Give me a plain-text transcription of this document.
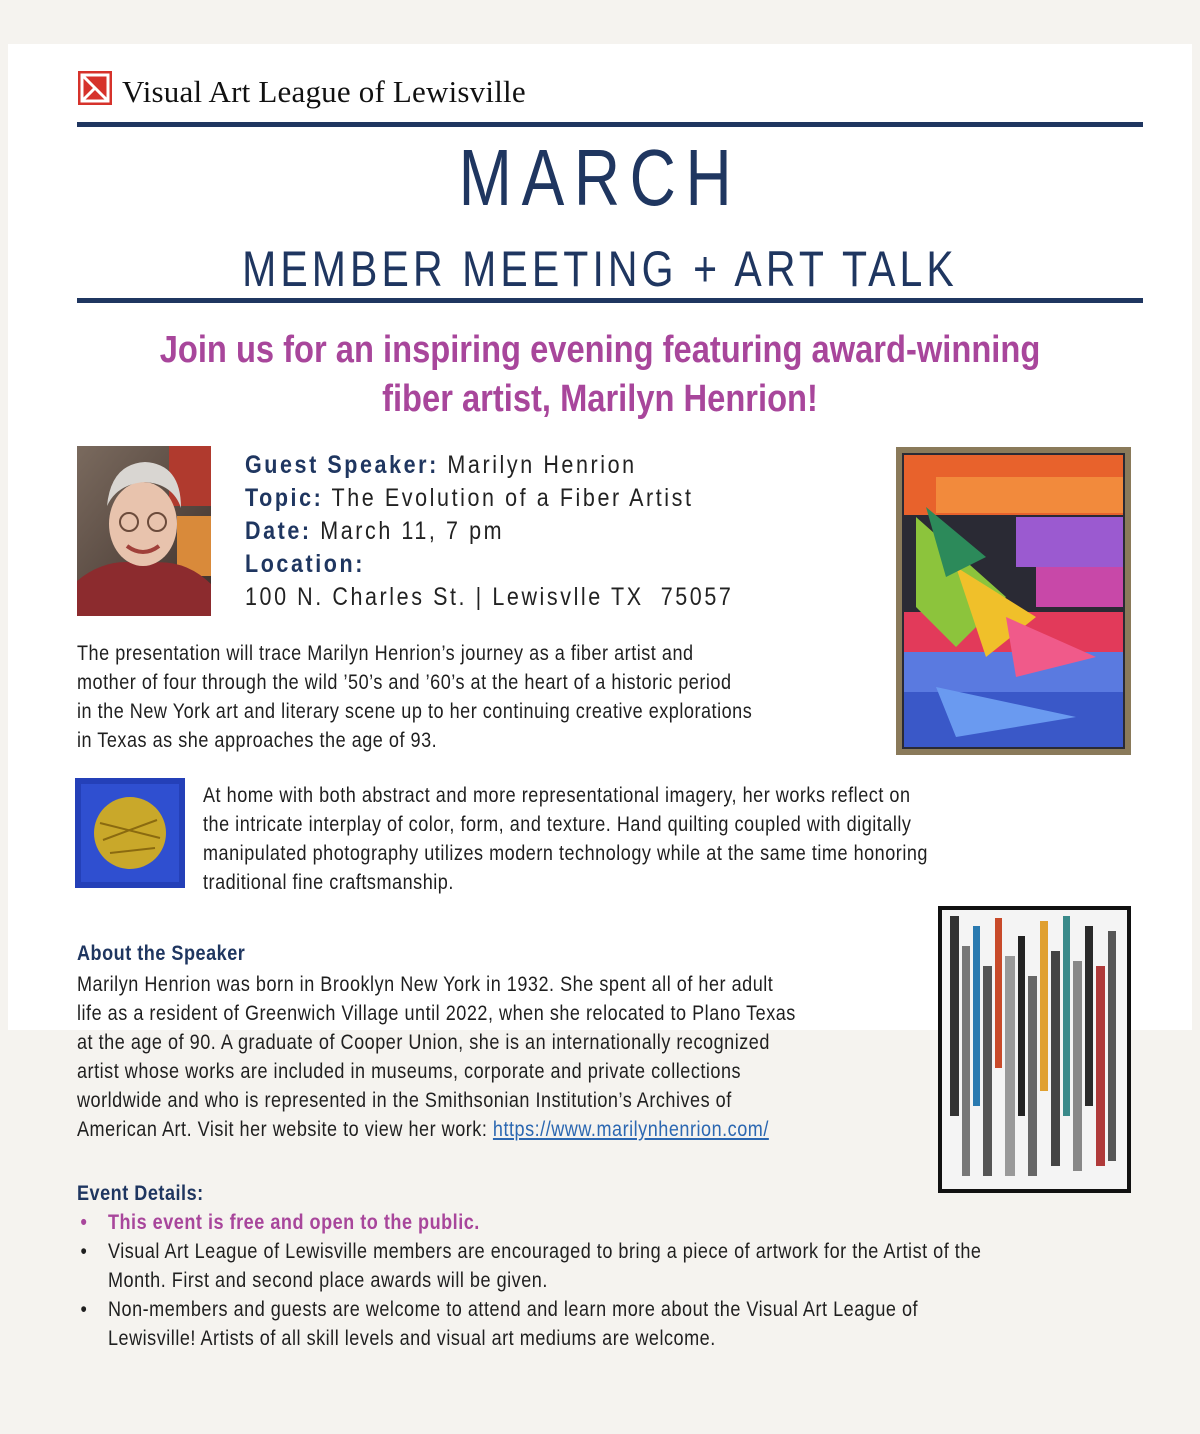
Visual Art League of Lewisville
MARCH
MEMBER MEETING + ART TALK
Join us for an inspiring evening featuring award-winning
fiber artist, Marilyn Henrion!
Guest Speaker: Marilyn Henrion
Topic: The Evolution of a Fiber Artist
Date: March 11, 7 pm
Location:
100 N. Charles St. | Lewisvlle TX  75057
The presentation will trace Marilyn Henrion’s journey as a fiber artist and
mother of four through the wild ’50’s and ’60’s at the heart of a historic period
in the New York art and literary scene up to her continuing creative explorations
in Texas as she approaches the age of 93.
At home with both abstract and more representational imagery, her works reflect on
the intricate interplay of color, form, and texture. Hand quilting coupled with digitally
manipulated photography utilizes modern technology while at the same time honoring
traditional fine craftsmanship.
About the Speaker
Marilyn Henrion was born in Brooklyn New York in 1932. She spent all of her adult
life as a resident of Greenwich Village until 2022, when she relocated to Plano Texas
at the age of 90. A graduate of Cooper Union, she is an internationally recognized
artist whose works are included in museums, corporate and private collections
worldwide and who is represented in the Smithsonian Institution’s Archives of
American Art. Visit her website to view her work: https://www.marilynhenrion.com/
Event Details:
• This event is free and open to the public.
• Visual Art League of Lewisville members are encouraged to bring a piece of artwork for the Artist of the
Month. First and second place awards will be given.
• Non-members and guests are welcome to attend and learn more about the Visual Art League of
Lewisville! Artists of all skill levels and visual art mediums are welcome.
